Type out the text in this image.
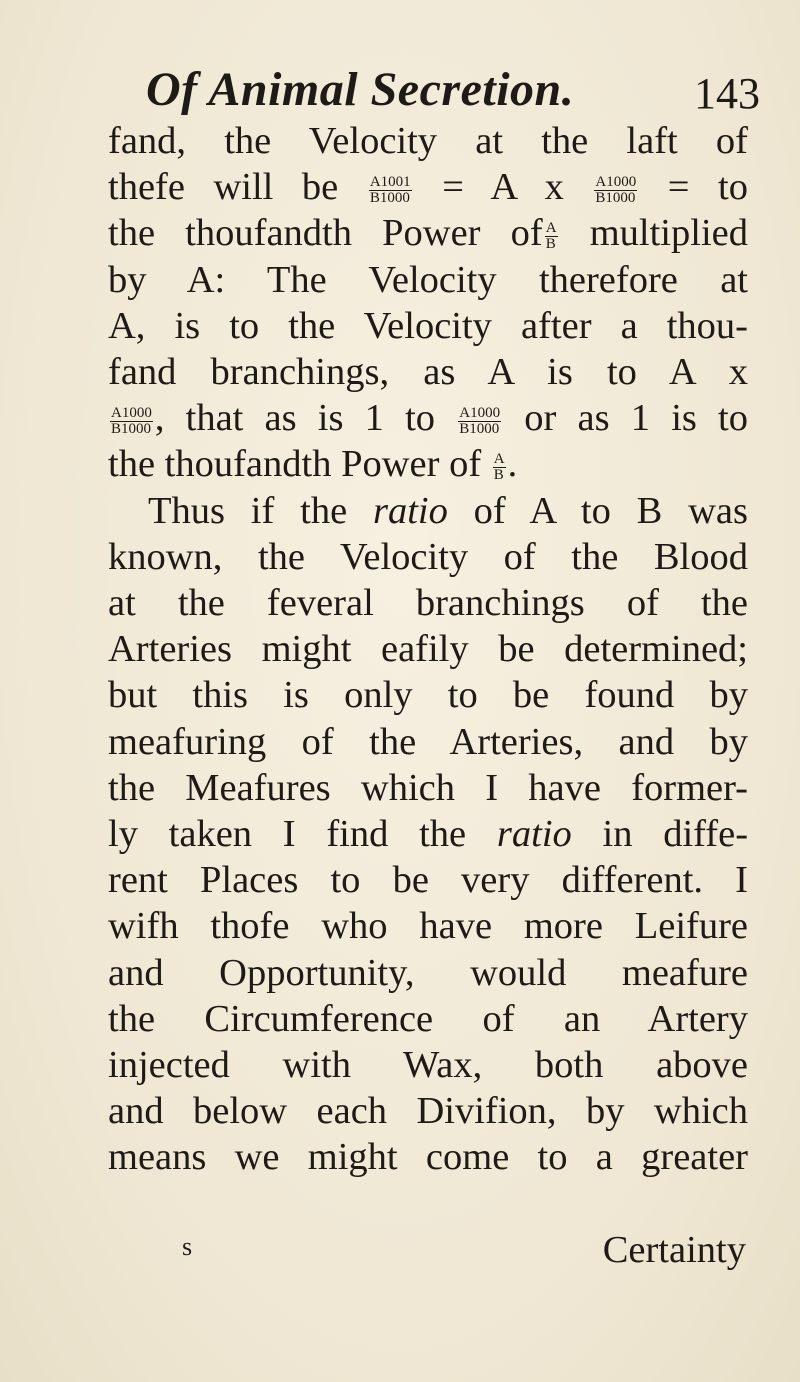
Of Animal Secretion.	143
fand, the Velocity at the laft of
thefe will be $\frac{A1001}{B1000} = A$ x $\frac{A1000}{B1000}$ = to
the thoufandth Power of $\frac{A}{B}$ multiplied
by A: The Velocity therefore at
A, is to the Velocity after a thou-
fand branchings, as A is to A x
$\frac{A1000}{B1000}$ , that as is 1 to $\frac{A1000}{B1000}$ or as 1 is to
the thoufandth Power of $\frac{A}{B}$ .
Thus if the ratio of A to B was
known, the Velocity of the Blood
at the feveral branchings of the
Arteries might eafily be determined;
but this is only to be found by
meafuring of the Arteries, and by
the Meafures which I have former-
ly taken I find the ratio in diffe-
rent Places to be very different. I
wifh thofe who have more Leifure
and Opportunity, would meafure
the Circumference of an Artery
injected with Wax, both above
and below each Divifion, by which
means we might come to a greater
s	Certainty
